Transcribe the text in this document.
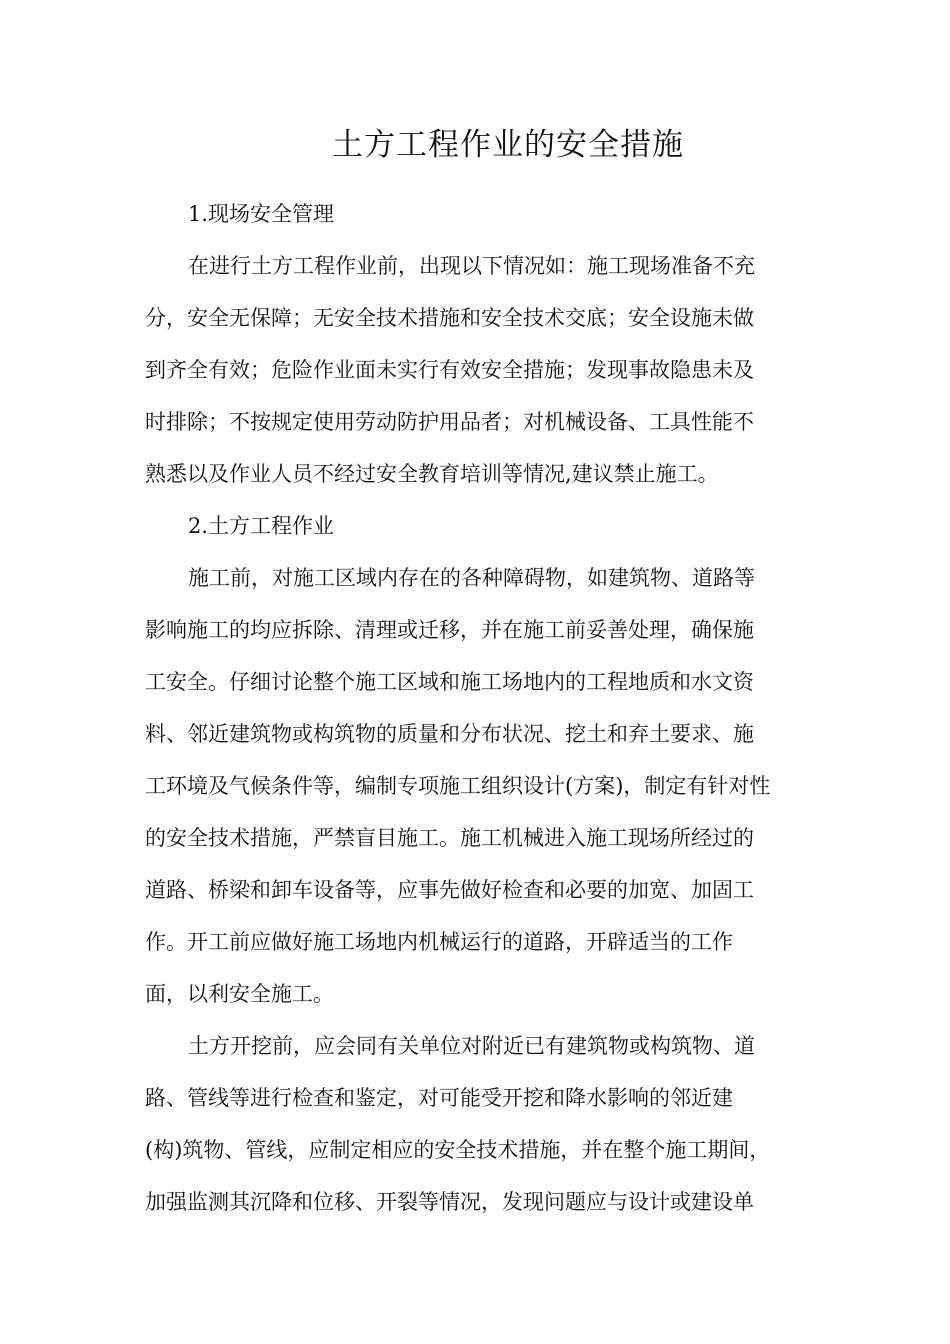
土方工程作业的安全措施
1.现场安全管理
在进行土方工程作业前，出现以下情况如：施工现场准备不充
分，安全无保障；无安全技术措施和安全技术交底；安全设施未做
到齐全有效；危险作业面未实行有效安全措施；发现事故隐患未及
时排除；不按规定使用劳动防护用品者；对机械设备、工具性能不
熟悉以及作业人员不经过安全教育培训等情况,建议禁止施工。
2.土方工程作业
施工前，对施工区域内存在的各种障碍物，如建筑物、道路等
影响施工的均应拆除、清理或迁移，并在施工前妥善处理，确保施
工安全。仔细讨论整个施工区域和施工场地内的工程地质和水文资
料、邻近建筑物或构筑物的质量和分布状况、挖土和弃土要求、施
工环境及气候条件等，编制专项施工组织设计(方案)，制定有针对性
的安全技术措施，严禁盲目施工。施工机械进入施工现场所经过的
道路、桥梁和卸车设备等，应事先做好检查和必要的加宽、加固工
作。开工前应做好施工场地内机械运行的道路，开辟适当的工作
面，以利安全施工。
土方开挖前，应会同有关单位对附近已有建筑物或构筑物、道
路、管线等进行检查和鉴定，对可能受开挖和降水影响的邻近建
(构)筑物、管线，应制定相应的安全技术措施，并在整个施工期间，
加强监测其沉降和位移、开裂等情况，发现问题应与设计或建设单
